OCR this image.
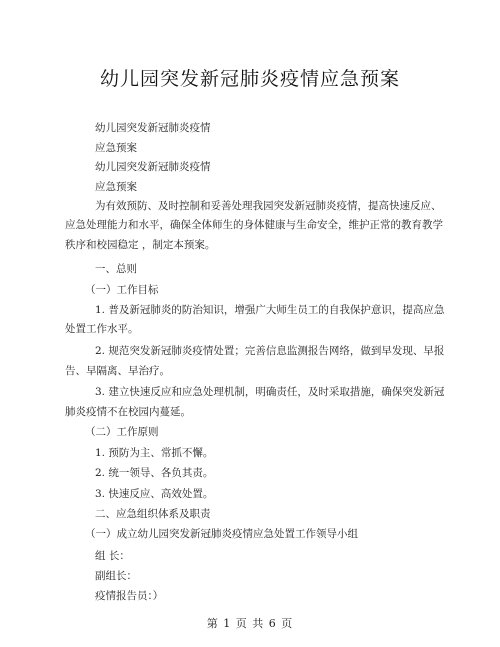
幼儿园突发新冠肺炎疫情应急预案
幼儿园突发新冠肺炎疫情
应急预案
幼儿园突发新冠肺炎疫情
应急预案
为有效预防、及时控制和妥善处理我园突发新冠肺炎疫情，提高快速反应、
应急处理能力和水平，确保全体师生的身体健康与生命安全，维护正常的教育教学
秩序和校园稳定 ，制定本预案。
一、总则
（一）工作目标
1. 普及新冠肺炎的防治知识，增强广大师生员工的自我保护意识，提高应急
处置工作水平。
2. 规范突发新冠肺炎疫情处置；完善信息监测报告网络，做到早发现、早报
告、早隔离、早治疗。
3. 建立快速反应和应急处理机制，明确责任，及时采取措施，确保突发新冠
肺炎疫情不在校园内蔓延。
（二）工作原则
1. 预防为主、常抓不懈。
2. 统一领导、各负其责。
3. 快速反应、高效处置。
二、应急组织体系及职责
（一）成立幼儿园突发新冠肺炎疫情应急处置工作领导小组
组 长：
副组长：
疫情报告员：）
第 1 页 共 6 页
